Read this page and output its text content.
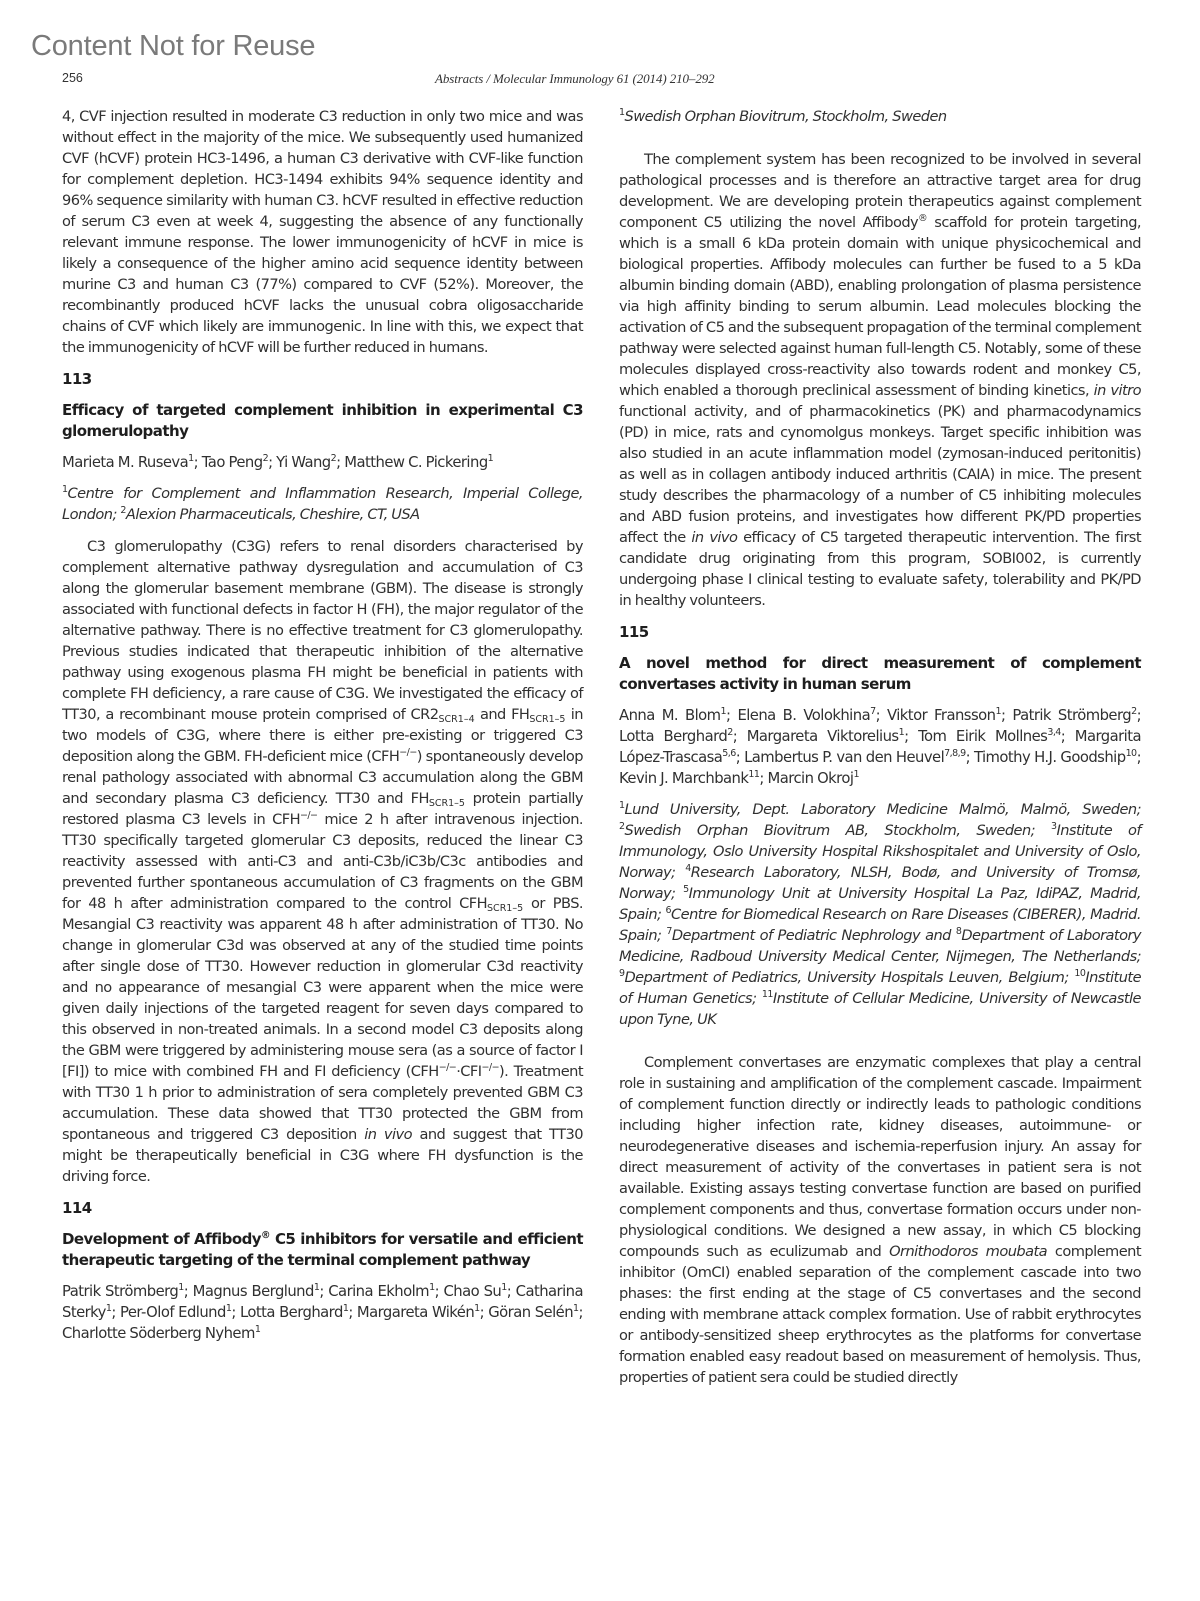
Content Not for Reuse
256	Abstracts / Molecular Immunology 61 (2014) 210–292

4, CVF injection resulted in moderate C3 reduction in only two mice and was without effect in the majority of the mice. We subsequently used humanized CVF (hCVF) protein HC3-1496, a human C3 derivative with CVF-like function for complement depletion. HC3-1494 exhibits 94% sequence identity and 96% sequence similarity with human C3. hCVF resulted in effective reduction of serum C3 even at week 4, suggesting the absence of any functionally relevant immune response. The lower immunogenicity of hCVF in mice is likely a consequence of the higher amino acid sequence identity between murine C3 and human C3 (77%) compared to CVF (52%). Moreover, the recombinantly produced hCVF lacks the unusual cobra oligosaccharide chains of CVF which likely are immunogenic. In line with this, we expect that the immunogenicity of hCVF will be further reduced in humans.

113
Efficacy of targeted complement inhibition in experimental C3 glomerulopathy
Marieta M. Ruseva$^1$; Tao Peng$^2$; Yi Wang$^2$; Matthew C. Pickering$^1$
$^1$Centre for Complement and Inflammation Research, Imperial College, London; $^2$Alexion Pharmaceuticals, Cheshire, CT, USA

C3 glomerulopathy (C3G) refers to renal disorders characterised by complement alternative pathway dysregulation and accumulation of C3 along the glomerular basement membrane (GBM). The disease is strongly associated with functional defects in factor H (FH), the major regulator of the alternative pathway. There is no effective treatment for C3 glomerulopathy. Previous studies indicated that therapeutic inhibition of the alternative pathway using exogenous plasma FH might be beneficial in patients with complete FH deficiency, a rare cause of C3G. We investigated the efficacy of TT30, a recombinant mouse protein comprised of $CR2_{SCR1-4}$ and $FH_{SCR1-5}$ in two models of C3G, where there is either pre-existing or triggered C3 deposition along the GBM. FH-deficient mice (CFH−/−) spontaneously develop renal pathology associated with abnormal C3 accumulation along the GBM and secondary plasma C3 deficiency. TT30 and $FH_{SCR1-5}$ protein partially restored plasma C3 levels in CFH−/− mice 2 h after intravenous injection. TT30 specifically targeted glomerular C3 deposits, reduced the linear C3 reactivity assessed with anti-C3 and anti-C3b/iC3b/C3c antibodies and prevented further spontaneous accumulation of C3 fragments on the GBM for 48 h after administration compared to the control $CFH_{SCR1-5}$ or PBS. Mesangial C3 reactivity was apparent 48 h after administration of TT30. No change in glomerular C3d was observed at any of the studied time points after single dose of TT30. However reduction in glomerular C3d reactivity and no appearance of mesangial C3 were apparent when the mice were given daily injections of the targeted reagent for seven days compared to this observed in non-treated animals. In a second model C3 deposits along the GBM were triggered by administering mouse sera (as a source of factor I [FI]) to mice with combined FH and FI deficiency (CFH−/−·CFI−/−). Treatment with TT30 1 h prior to administration of sera completely prevented GBM C3 accumulation. These data showed that TT30 protected the GBM from spontaneous and triggered C3 deposition in vivo and suggest that TT30 might be therapeutically beneficial in C3G where FH dysfunction is the driving force.

114
Development of Affibody® C5 inhibitors for versatile and efficient therapeutic targeting of the terminal complement pathway
Patrik Strömberg$^1$; Magnus Berglund$^1$; Carina Ekholm$^1$; Chao Su$^1$; Catharina Sterky$^1$; Per-Olof Edlund$^1$; Lotta Berghard$^1$; Margareta Wikén$^1$; Göran Selén$^1$; Charlotte Söderberg Nyhem$^1$
$^1$Swedish Orphan Biovitrum, Stockholm, Sweden

The complement system has been recognized to be involved in several pathological processes and is therefore an attractive target area for drug development. We are developing protein therapeutics against complement component C5 utilizing the novel Affibody® scaffold for protein targeting, which is a small 6 kDa protein domain with unique physicochemical and biological properties. Affibody molecules can further be fused to a 5 kDa albumin binding domain (ABD), enabling prolongation of plasma persistence via high affinity binding to serum albumin. Lead molecules blocking the activation of C5 and the subsequent propagation of the terminal complement pathway were selected against human full-length C5. Notably, some of these molecules displayed cross-reactivity also towards rodent and monkey C5, which enabled a thorough preclinical assessment of binding kinetics, in vitro functional activity, and of pharmacokinetics (PK) and pharmacodynamics (PD) in mice, rats and cynomolgus monkeys. Target specific inhibition was also studied in an acute inflammation model (zymosan-induced peritonitis) as well as in collagen antibody induced arthritis (CAIA) in mice. The present study describes the pharmacology of a number of C5 inhibiting molecules and ABD fusion proteins, and investigates how different PK/PD properties affect the in vivo efficacy of C5 targeted therapeutic intervention. The first candidate drug originating from this program, SOBI002, is currently undergoing phase I clinical testing to evaluate safety, tolerability and PK/PD in healthy volunteers.

115
A novel method for direct measurement of complement convertases activity in human serum
Anna M. Blom$^1$; Elena B. Volokhina$^7$; Viktor Fransson$^1$; Patrik Strömberg$^2$; Lotta Berghard$^2$; Margareta Viktorelius$^1$; Tom Eirik Mollnes$^{3,4}$; Margarita López-Trascasa$^{5,6}$; Lambertus P. van den Heuvel$^{7,8,9}$; Timothy H.J. Goodship$^{10}$; Kevin J. Marchbank$^{11}$; Marcin Okroj$^1$
$^1$Lund University, Dept. Laboratory Medicine Malmö, Malmö, Sweden; $^2$Swedish Orphan Biovitrum AB, Stockholm, Sweden; $^3$Institute of Immunology, Oslo University Hospital Rikshospitalet and University of Oslo, Norway; $^4$Research Laboratory, NLSH, Bodø, and University of Tromsø, Norway; $^5$Immunology Unit at University Hospital La Paz, IdiPAZ, Madrid, Spain; $^6$Centre for Biomedical Research on Rare Diseases (CIBERER), Madrid. Spain; $^7$Department of Pediatric Nephrology and $^8$Department of Laboratory Medicine, Radboud University Medical Center, Nijmegen, The Netherlands; $^9$Department of Pediatrics, University Hospitals Leuven, Belgium; $^{10}$Institute of Human Genetics; $^{11}$Institute of Cellular Medicine, University of Newcastle upon Tyne, UK

Complement convertases are enzymatic complexes that play a central role in sustaining and amplification of the complement cascade. Impairment of complement function directly or indirectly leads to pathologic conditions including higher infection rate, kidney diseases, autoimmune- or neurodegenerative diseases and ischemia-reperfusion injury. An assay for direct measurement of activity of the convertases in patient sera is not available. Existing assays testing convertase function are based on purified complement components and thus, convertase formation occurs under non-physiological conditions. We designed a new assay, in which C5 blocking compounds such as eculizumab and Ornithodoros moubata complement inhibitor (OmCI) enabled separation of the complement cascade into two phases: the first ending at the stage of C5 convertases and the second ending with membrane attack complex formation. Use of rabbit erythrocytes or antibody-sensitized sheep erythrocytes as the platforms for convertase formation enabled easy readout based on measurement of hemolysis. Thus, properties of patient sera could be studied directly
